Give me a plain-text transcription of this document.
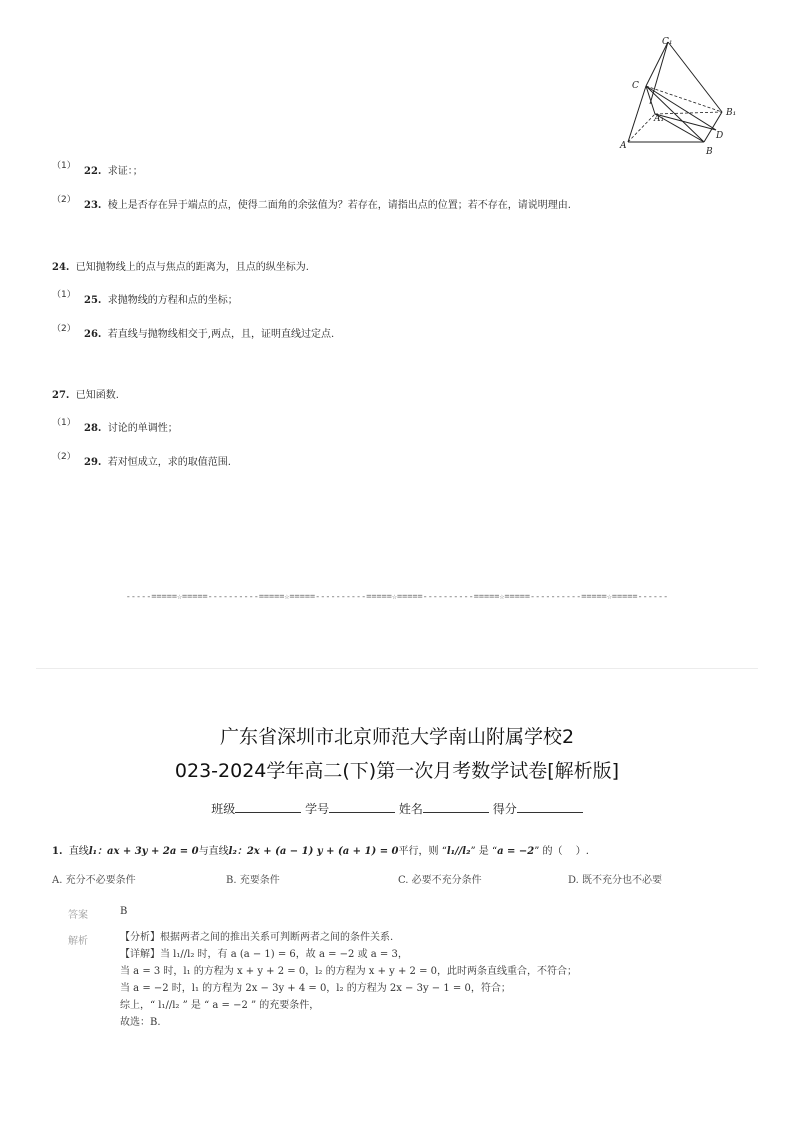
C₁
C
A₁
B₁
D
A
B
（1） 22. 求证：；
（2） 23. 棱上是否存在异于端点的点，使得二面角的余弦值为？若存在，请指出点的位置；若不存在，请说明理由.
24. 已知抛物线上的点与焦点的距离为，且点的纵坐标为.
（1） 25. 求抛物线的方程和点的坐标；
（2） 26. 若直线与抛物线相交于,两点，且，证明直线过定点.
27. 已知函数.
（1） 28. 讨论的单调性；
（2） 29. 若对恒成立，求的取值范围.
-----=====☆=====----------=====☆=====----------=====☆=====----------=====☆=====----------=====☆=====------
广东省深圳市北京师范大学南山附属学校2
023-2024学年高二(下)第一次月考数学试卷[解析版]
班级	学号	姓名	得分
1. 直线l₁：ax + 3y + 2a = 0与直线l₂：2x + (a − 1) y + (a + 1) = 0平行，则 “l₁//l₂” 是 “a = −2” 的（　 ）.
A. 充分不必要条件	B. 充要条件	C. 必要不充分条件	D. 既不充分也不必要
答案	B
解析	【分析】根据两者之间的推出关系可判断两者之间的条件关系.
【详解】当 l₁//l₂ 时，有 a (a − 1) = 6，故 a = −2 或 a = 3，
当 a = 3 时，l₁ 的方程为 x + y + 2 = 0，l₂ 的方程为 x + y + 2 = 0，此时两条直线重合，不符合；
当 a = −2 时，l₁ 的方程为 2x − 3y + 4 = 0，l₂ 的方程为 2x − 3y − 1 = 0，符合；
综上，“ l₁//l₂ ” 是 “ a = −2 ” 的充要条件，
故选：B.
